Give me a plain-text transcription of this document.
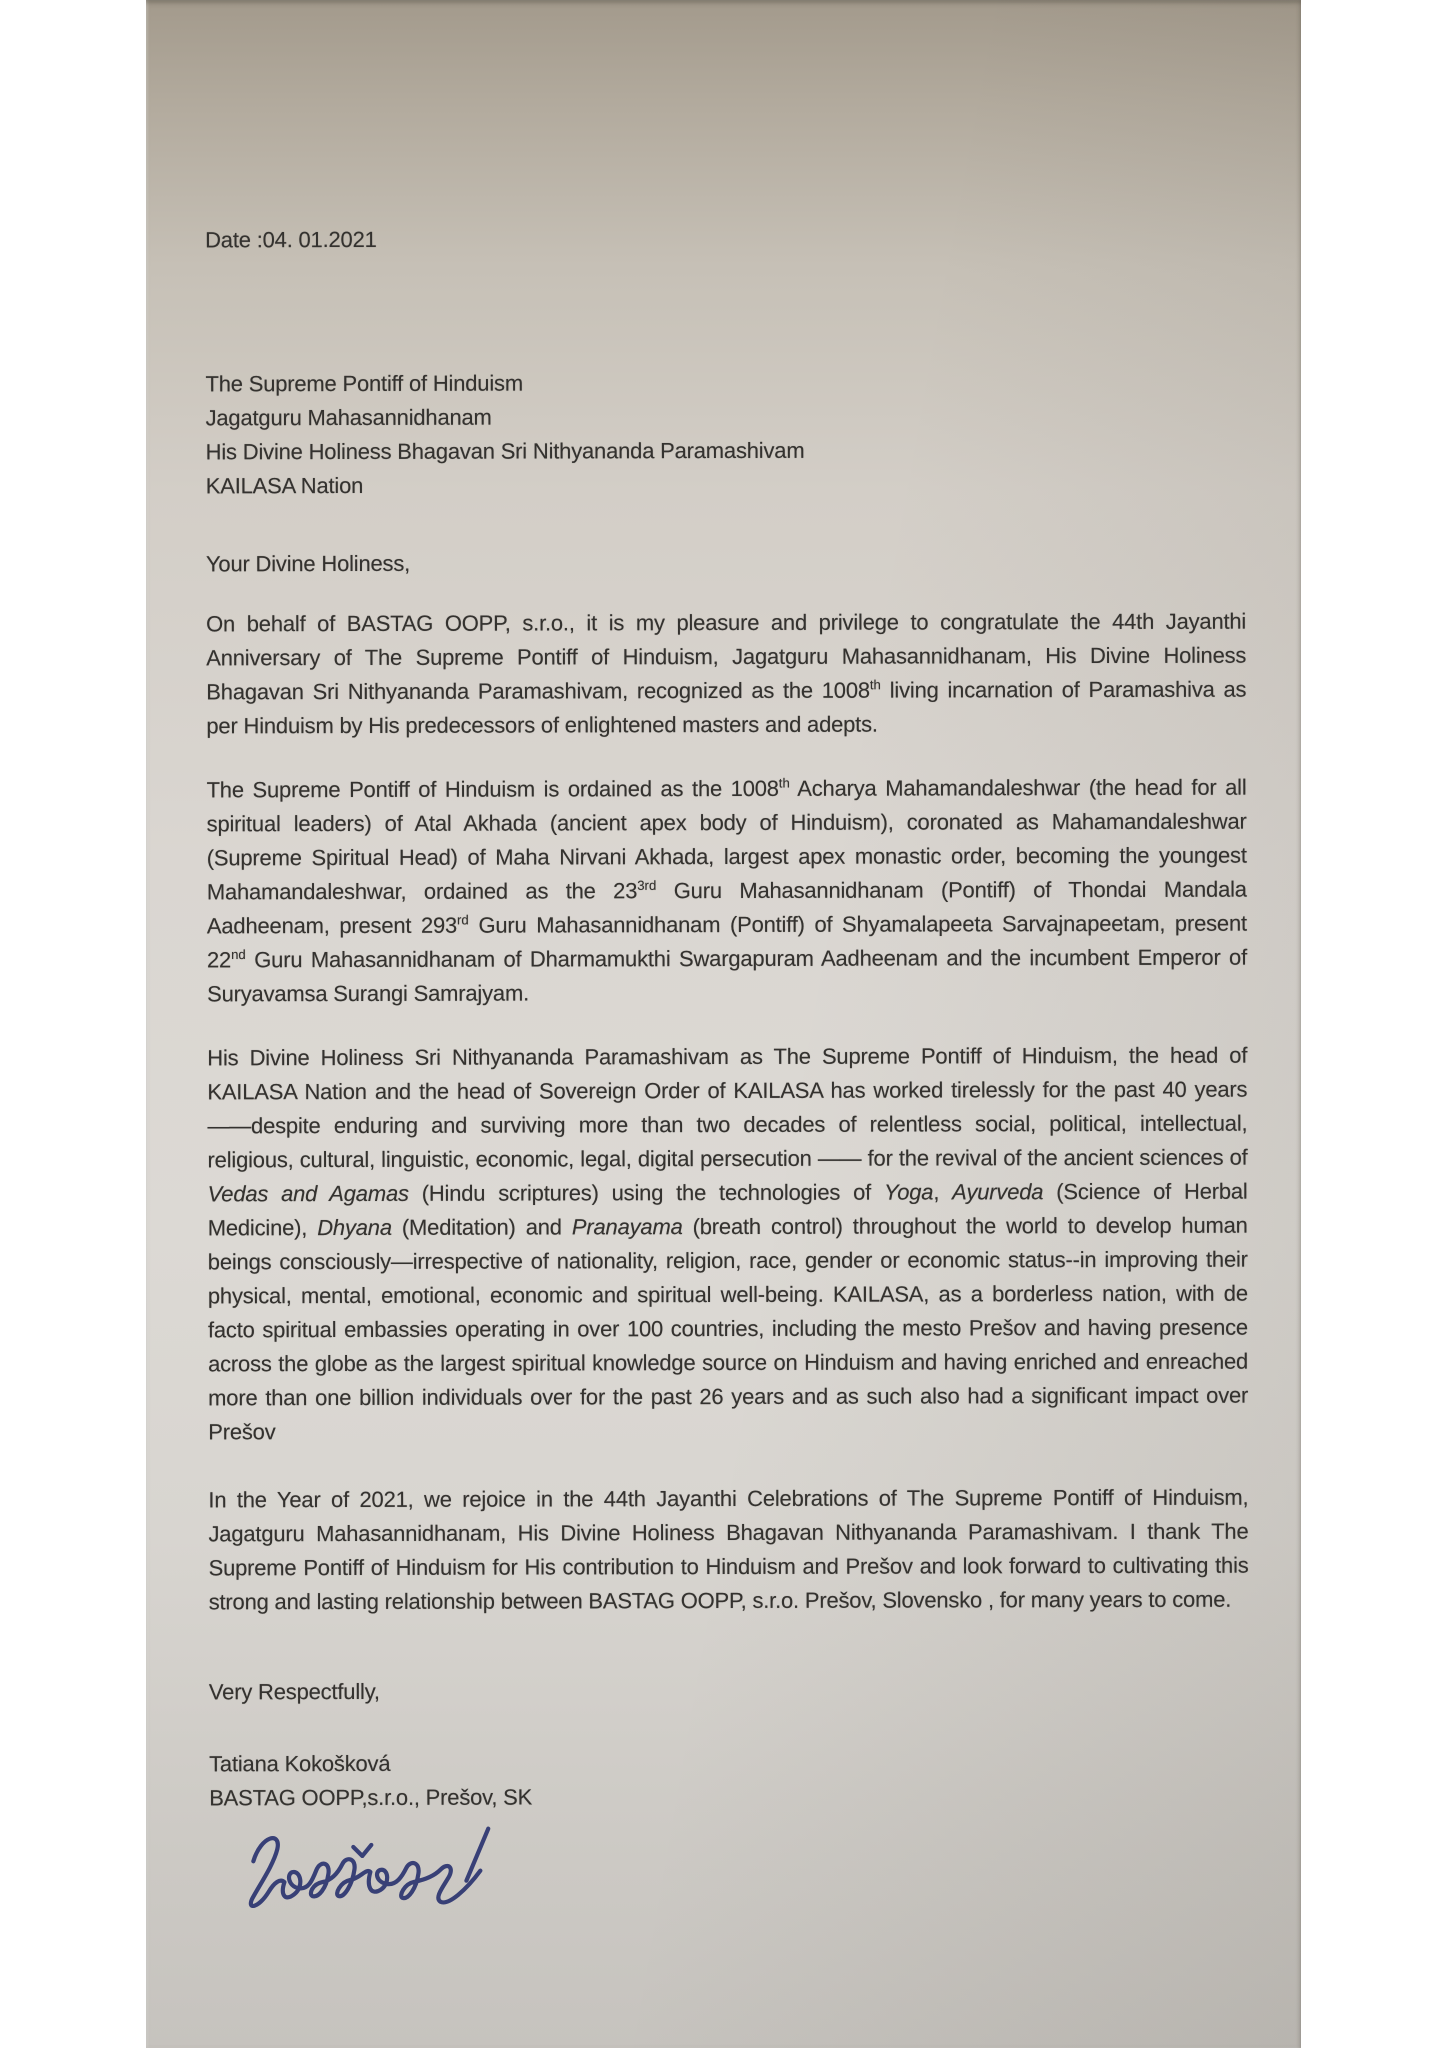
Date :04. 01.2021

The Supreme Pontiff of Hinduism

Jagatguru Mahasannidhanam

His Divine Holiness Bhagavan Sri Nithyananda Paramashivam

KAILASA Nation

Your Divine Holiness,

On behalf of BASTAG OOPP, s.r.o., it is my pleasure and privilege to congratulate the 44th Jayanthi Anniversary of The Supreme Pontiff of Hinduism, Jagatguru Mahasannidhanam, His Divine Holiness Bhagavan Sri Nithyananda Paramashivam, recognized as the 1008th living incarnation of Paramashiva as per Hinduism by His predecessors of enlightened masters and adepts.

The Supreme Pontiff of Hinduism is ordained as the 1008th Acharya Mahamandaleshwar (the head for all spiritual leaders) of Atal Akhada (ancient apex body of Hinduism), coronated as Mahamandaleshwar (Supreme Spiritual Head) of Maha Nirvani Akhada, largest apex monastic order, becoming the youngest Mahamandaleshwar, ordained as the $23^{3rd}$ Guru Mahasannidhanam (Pontiff) of Thondai Mandala Aadheenam, present 293rd Guru Mahasannidhanam (Pontiff) of Shyamalapeeta Sarvajnapeetam, present 22nd Guru Mahasannidhanam of Dharmamukthi Swargapuram Aadheenam and the incumbent Emperor of Suryavamsa Surangi Samrajyam.

His Divine Holiness Sri Nithyananda Paramashivam as The Supreme Pontiff of Hinduism, the head of KAILASA Nation and the head of Sovereign Order of KAILASA has worked tirelessly for the past 40 years——despite enduring and surviving more than two decades of relentless social, political, intellectual, religious, cultural, linguistic, economic, legal, digital persecution —— for the revival of the ancient sciences of Vedas and Agamas (Hindu scriptures) using the technologies of Yoga, Ayurveda (Science of Herbal Medicine), Dhyana (Meditation) and Pranayama (breath control) throughout the world to develop human beings consciously—irrespective of nationality, religion, race, gender or economic status--in improving their physical, mental, emotional, economic and spiritual well-being. KAILASA, as a borderless nation, with de facto spiritual embassies operating in over 100 countries, including the mesto Prešov and having presence across the globe as the largest spiritual knowledge source on Hinduism and having enriched and enreached more than one billion individuals over for the past 26 years and as such also had a significant impact over Prešov

In the Year of 2021, we rejoice in the 44th Jayanthi Celebrations of The Supreme Pontiff of Hinduism, Jagatguru Mahasannidhanam, His Divine Holiness Bhagavan Nithyananda Paramashivam. I thank The Supreme Pontiff of Hinduism for His contribution to Hinduism and Prešov and look forward to cultivating this strong and lasting relationship between BASTAG OOPP, s.r.o. Prešov, Slovensko , for many years to come.

Very Respectfully,

Tatiana Kokošková

BASTAG OOPP,s.r.o., Prešov, SK
